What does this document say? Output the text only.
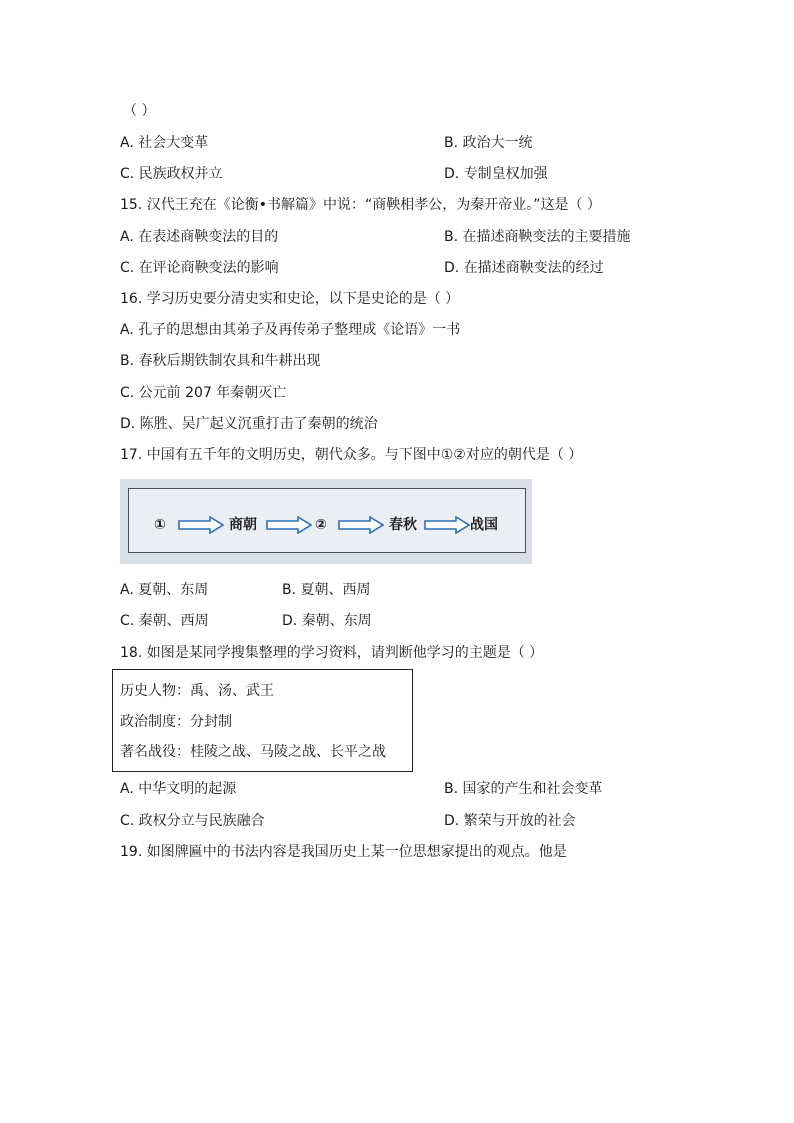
（ ）
A. 社会大变革	B. 政治大一统
C. 民族政权并立	D. 专制皇权加强
15. 汉代王充在《论衡•书解篇》中说：“商鞅相孝公，为秦开帝业。”这是（ ）
A. 在表述商鞅变法的目的	B. 在描述商鞅变法的主要措施
C. 在评论商鞅变法的影响	D. 在描述商鞅变法的经过
16. 学习历史要分清史实和史论，以下是史论的是（ ）
A. 孔子的思想由其弟子及再传弟子整理成《论语》一书
B. 春秋后期铁制农具和牛耕出现
C. 公元前 207 年秦朝灭亡
D. 陈胜、吴广起义沉重打击了秦朝的统治
17. 中国有五千年的文明历史，朝代众多。与下图中①②对应的朝代是（ ）
①	商朝	②	春秋	战国
A. 夏朝、东周	B. 夏朝、西周
C. 秦朝、西周	D. 秦朝、东周
18. 如图是某同学搜集整理的学习资料，请判断他学习的主题是（ ）
历史人物：禹、汤、武王
政治制度：分封制
著名战役：桂陵之战、马陵之战、长平之战
A. 中华文明的起源	B. 国家的产生和社会变革
C. 政权分立与民族融合	D. 繁荣与开放的社会
19. 如图牌匾中的书法内容是我国历史上某一位思想家提出的观点。他是
